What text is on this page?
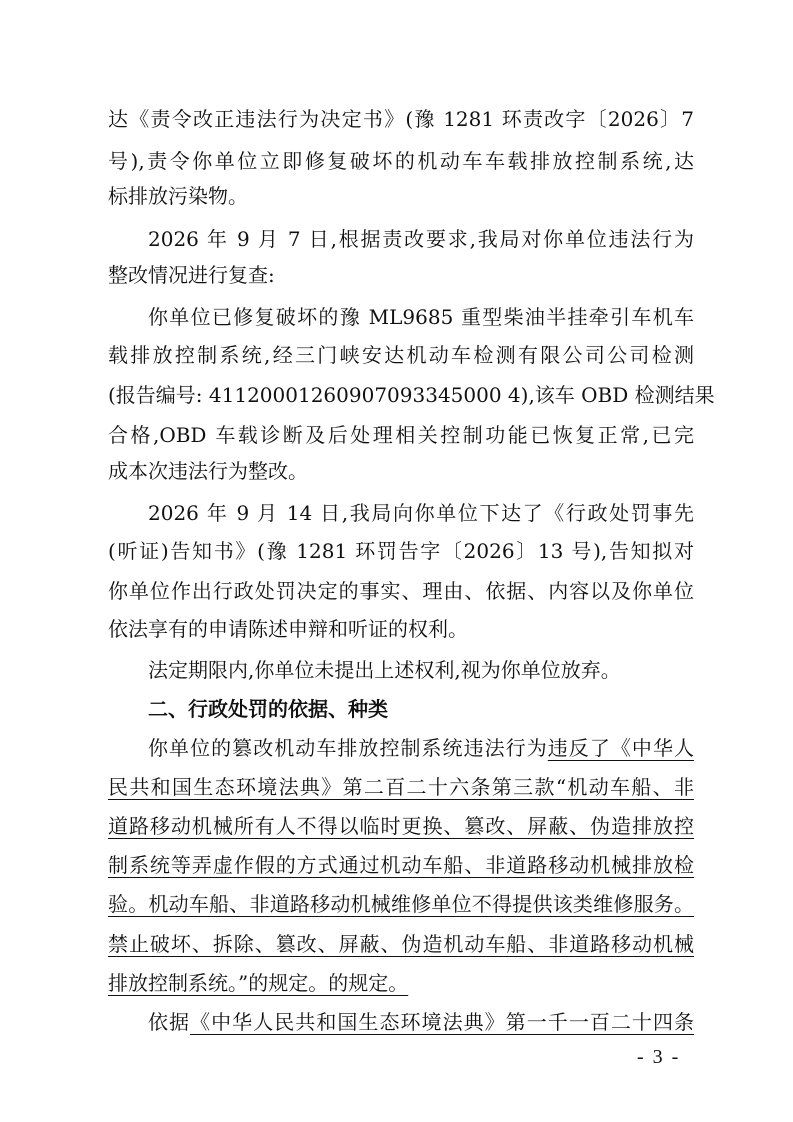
达《责令改正违法行为决定书》(豫 1281 环责改字〔2026〕7
号),责令你单位立即修复破坏的机动车车载排放控制系统,达
标排放污染物。
2026 年 9 月 7 日,根据责改要求,我局对你单位违法行为
整改情况进行复查:
你单位已修复破坏的豫 ML9685 重型柴油半挂牵引车机车
载排放控制系统,经三门峡安达机动车检测有限公司公司检测
(报告编号: 41120001260907093345000 4),该车 OBD 检测结果
合格,OBD 车载诊断及后处理相关控制功能已恢复正常,已完
成本次违法行为整改。
2026 年 9 月 14 日,我局向你单位下达了《行政处罚事先
(听证)告知书》(豫 1281 环罚告字〔2026〕13 号),告知拟对
你单位作出行政处罚决定的事实、理由、依据、内容以及你单位
依法享有的申请陈述申辩和听证的权利。
法定期限内,你单位未提出上述权利,视为你单位放弃。
二、行政处罚的依据、种类
你单位的篡改机动车排放控制系统违法行为违反了《中华人
民共和国生态环境法典》第二百二十六条第三款“机动车船、非
道路移动机械所有人不得以临时更换、篡改、屏蔽、伪造排放控
制系统等弄虚作假的方式通过机动车船、非道路移动机械排放检
验。机动车船、非道路移动机械维修单位不得提供该类维修服务。
禁止破坏、拆除、篡改、屏蔽、伪造机动车船、非道路移动机械
排放控制系统。”的规定。的规定。
依据《中华人民共和国生态环境法典》第一千一百二十四条
- 3 -
